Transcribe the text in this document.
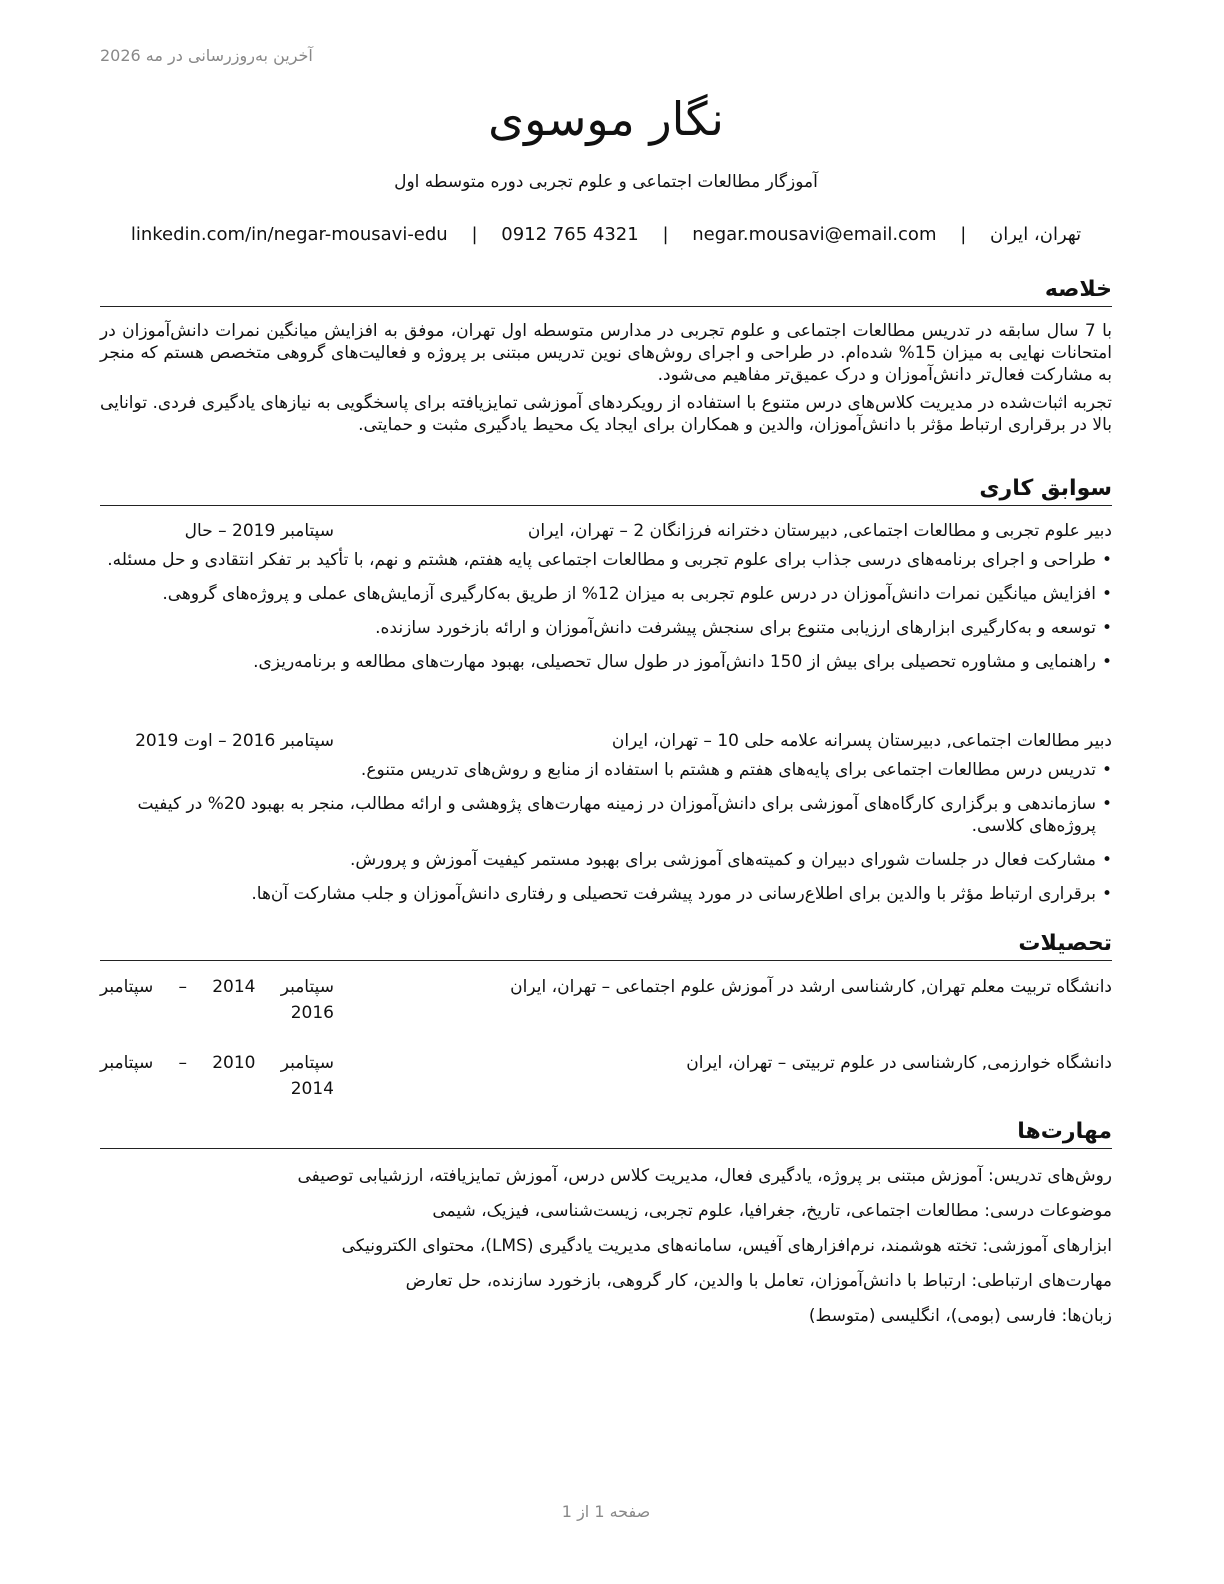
آخرین به‌روزرسانی در مه 2026
نگار موسوی
آموزگار مطالعات اجتماعی و علوم تجربی دوره متوسطه اول
تهران، ایران | negar.mousavi@email.com | 0912 765 4321 | linkedin.com/in/negar-mousavi-edu
خلاصه

با 7 سال سابقه در تدریس مطالعات اجتماعی و علوم تجربی در مدارس متوسطه اول تهران، موفق به افزایش میانگین نمرات دانش‌آموزان در امتحانات نهایی به میزان 15% شده‌ام. در طراحی و اجرای روش‌های نوین تدریس مبتنی بر پروژه و فعالیت‌های گروهی متخصص هستم که منجر به مشارکت فعال‌تر دانش‌آموزان و درک عمیق‌تر مفاهیم می‌شود.

تجربه اثبات‌شده در مدیریت کلاس‌های درس متنوع با استفاده از رویکردهای آموزشی تمایزیافته برای پاسخگویی به نیازهای یادگیری فردی. توانایی بالا در برقراری ارتباط مؤثر با دانش‌آموزان، والدین و همکاران برای ایجاد یک محیط یادگیری مثبت و حمایتی.

سوابق کاری
دبیر علوم تجربی و مطالعات اجتماعی, دبیرستان دخترانه فرزانگان 2 – تهران، ایران
سپتامبر 2019 – حال
• طراحی و اجرای برنامه‌های درسی جذاب برای علوم تجربی و مطالعات اجتماعی پایه هفتم، هشتم و نهم، با تأکید بر تفکر انتقادی و حل مسئله.
• افزایش میانگین نمرات دانش‌آموزان در درس علوم تجربی به میزان 12% از طریق به‌کارگیری آزمایش‌های عملی و پروژه‌های گروهی.
• توسعه و به‌کارگیری ابزارهای ارزیابی متنوع برای سنجش پیشرفت دانش‌آموزان و ارائه بازخورد سازنده.
• راهنمایی و مشاوره تحصیلی برای بیش از 150 دانش‌آموز در طول سال تحصیلی، بهبود مهارت‌های مطالعه و برنامه‌ریزی.
دبیر مطالعات اجتماعی, دبیرستان پسرانه علامه حلی 10 – تهران، ایران
سپتامبر 2016 – اوت 2019
• تدریس درس مطالعات اجتماعی برای پایه‌های هفتم و هشتم با استفاده از منابع و روش‌های تدریس متنوع.
• سازماندهی و برگزاری کارگاه‌های آموزشی برای دانش‌آموزان در زمینه مهارت‌های پژوهشی و ارائه مطالب، منجر به بهبود 20% در کیفیت پروژه‌های کلاسی.
• مشارکت فعال در جلسات شورای دبیران و کمیته‌های آموزشی برای بهبود مستمر کیفیت آموزش و پرورش.
• برقراری ارتباط مؤثر با والدین برای اطلاع‌رسانی در مورد پیشرفت تحصیلی و رفتاری دانش‌آموزان و جلب مشارکت آن‌ها.
تحصیلات
دانشگاه تربیت معلم تهران, کارشناسی ارشد در آموزش علوم اجتماعی – تهران، ایران
سپتامبر
2014
–
سپتامبر
2016
دانشگاه خوارزمی, کارشناسی در علوم تربیتی – تهران، ایران
سپتامبر
2010
–
سپتامبر
2014
مهارت‌ها
روش‌های تدریس: آموزش مبتنی بر پروژه، یادگیری فعال، مدیریت کلاس درس، آموزش تمایزیافته، ارزشیابی توصیفی
موضوعات درسی: مطالعات اجتماعی، تاریخ، جغرافیا، علوم تجربی، زیست‌شناسی، فیزیک، شیمی
ابزارهای آموزشی: تخته هوشمند، نرم‌افزارهای آفیس، سامانه‌های مدیریت یادگیری (LMS)، محتوای الکترونیکی
مهارت‌های ارتباطی: ارتباط با دانش‌آموزان، تعامل با والدین، کار گروهی، بازخورد سازنده، حل تعارض
زبان‌ها: فارسی (بومی)، انگلیسی (متوسط)
صفحه 1 از 1
